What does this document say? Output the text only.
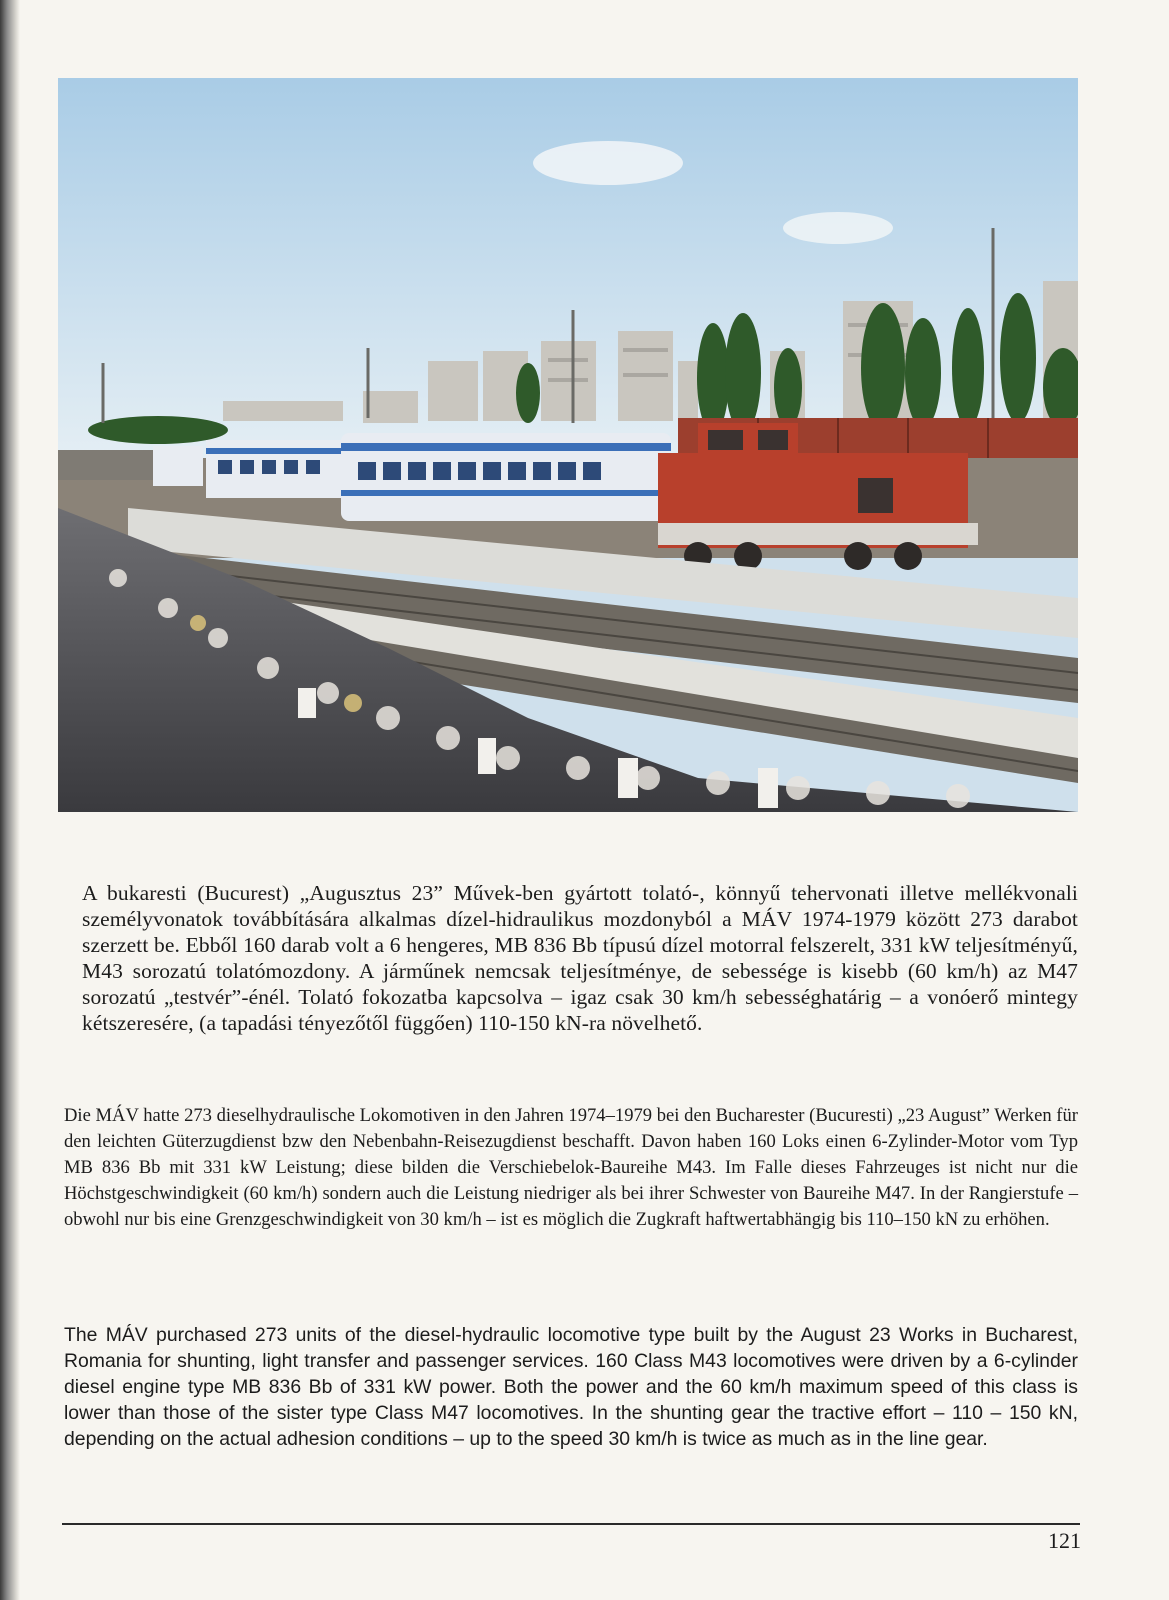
A bukaresti (Bucurest) „Augusztus 23” Művek-ben gyártott tolató-, könnyű tehervonati illetve mellékvonali személyvonatok továbbítására alkalmas dízel-hidraulikus mozdonyból a MÁV 1974-1979 között 273 darabot szerzett be. Ebből 160 darab volt a 6 hengeres, MB 836 Bb típusú dízel motorral felszerelt, 331 kW teljesítményű, M43 sorozatú tolatómozdony. A járműnek nemcsak teljesítménye, de sebessége is kisebb (60 km/h) az M47 sorozatú „testvér”-énél. Tolató fokozatba kapcsolva – igaz csak 30 km/h sebességhatárig – a vonóerő mintegy kétszeresére, (a tapadási tényezőtől függően) 110-150 kN-ra növelhető.

Die MÁV hatte 273 dieselhydraulische Lokomotiven in den Jahren 1974–1979 bei den Bucharester (Bucuresti) „23 August” Werken für den leichten Güterzugdienst bzw den Nebenbahn-Reisezugdienst beschafft. Davon haben 160 Loks einen 6-Zylinder-Motor vom Typ MB 836 Bb mit 331 kW Leistung; diese bilden die Verschiebelok-Baureihe M43. Im Falle dieses Fahrzeuges ist nicht nur die Höchstgeschwindigkeit (60 km/h) sondern auch die Leistung niedriger als bei ihrer Schwester von Baureihe M47. In der Rangierstufe – obwohl nur bis eine Grenzgeschwindigkeit von 30 km/h – ist es möglich die Zugkraft haftwertabhängig bis 110–150 kN zu erhöhen.

The MÁV purchased 273 units of the diesel-hydraulic locomotive type built by the August 23 Works in Bucharest, Romania for shunting, light transfer and passenger services. 160 Class M43 locomotives were driven by a 6-cylinder diesel engine type MB 836 Bb of 331 kW power. Both the power and the 60 km/h maximum speed of this class is lower than those of the sister type Class M47 locomotives. In the shunting gear the tractive effort – 110 – 150 kN, depending on the actual adhesion conditions – up to the speed 30 km/h is twice as much as in the line gear.

121
